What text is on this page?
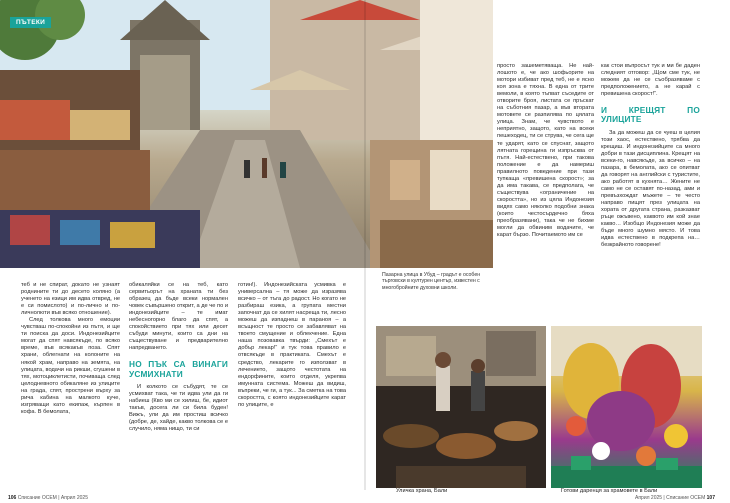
ПЪТЕКИ
Пазарна улица в Убуд – градът е особен търговски в културен център, известен с многобройните духовни школи.

теб и не спират, докато не узнаят роднините ти до десето коляно (а ученето на езици им идва отвред, не е си помислото) и по-лично и по-личнолюти във всяко отношение).

След толкова много емоции чувстваш по-спокойни из пътя, и ще ти поиска да доси. Индонезийците могат да спят навсякъде, по всяко време, във всякакъв поза. Спят храни, облегнати на колоните на някой храм, направо на земята, на улицата, водачи на рикши, сгушени в тях, мотоциклетисти, почиваща след целодневното обикаляне из улиците на града, спят, прострени върху за рича кабина на малкото куче, изгряващи като екипаж, кърпен в кофа. В бемолата,

обикаляйки се на теб, като сервитьорът на храната ти без образец да бъде всеки нормален човек съвършено открит, а де че по и индонезийците – те имат небесногорно благо да спят, а спокойствието при тях или десет събуди минути, които са дни на съществуване и предварително напредването.

НО ПЪК СА ВИНАГИ УСМИХНАТИ

И колкото се събудят, те се усмихват така, че ти идва ули да ги набиеш (Кво ми се хилиш, бе, идиот такъв, досега ли си била буден! Вижъ, ули да им простиш всичко (добре, де, хайде, какво толкова се е случило, няма нищо, ти си

готин!). Индонезийската усмивка е универсална – тя може да изразява всичко – от тъга до радост. Но когато не разбираш езика, а групата местни започнат да се хилят насреща ти, лесно можеш да изпаднеш в параноя – а всъщност те просто се забавляват на твоето смущение и облекчение. Една наша позовавка твърди: „Смехът е добър лекар!“ и тук това правило е отвсякъде в практиката. Смехът е средство, лекарите го използват в лечението, защото честотата на ендорфините, които отделя, укрепва имунната система. Можеш да видиш, въпреки, че ги, а тук... За сметка на това скоростта, с която индонезийците карат по улиците, е

просто зашеметяваща. Не най-лошото е, че ако шофьорите на мотори избиват пред теб, не е ясно коя зона е тяхна. В една от трите вемоли, в която тъпват съседите от отворите броя, листата се пръскат на съботния пазар, а във втората мотовете се разпилява по цялата улица. Знам, че чувството е неприятно, защото, като на всеки пешеходец, ти се струва, че сега ще те ударят, като се спуснат, защото лятната горещина ги изпръсква от пътя. Най-естествено, при такова положение е да намериш правилното поведение при тази тупкаща «превишена скорост»; за да има такава, се предполага, че съществува «ограничение на скоростта», но из цяла Индонезия видях само няколко подобни знака (които честосърдечно бяха преобразявани), така че не бихме могли да обвиним водачите, че карат бързо. Почитаемото им се

как стои въпросът тук и ми бе даден следният отговор: „Щом сме тук, не можем да не се съобразяваме с предположението, а не карай с превишена скорост!“.

И КРЕЩЯТ ПО УЛИЦИТЕ

За да можеш да се чуеш в целия този хаос, естествено, трябва да крещиш. И индонезийците са много добри в тази дисциплина. Крещят на всеки-го, навсякъде, за всичко – на пазара, в бемолата, ако се опитват да говорят на английски с туристите, ако работят в кухнята… Жените не само не се оставят по-назад, ами и превъзхождат мъжете – те често направо пищят през улицата на хората от другата страна, разказват ръце ожъвено, каквото им кой знае какво… Изобщо Индонезия може да бъде много шумно място. И това идва естествено в подкрепа на… безкрайното говорене!

Уличка храна, Бали	Готови даренця за храмовете в Бали
106 Списание ОСЕМ | Април 2025	Април 2025 | Списание ОСЕМ 107
